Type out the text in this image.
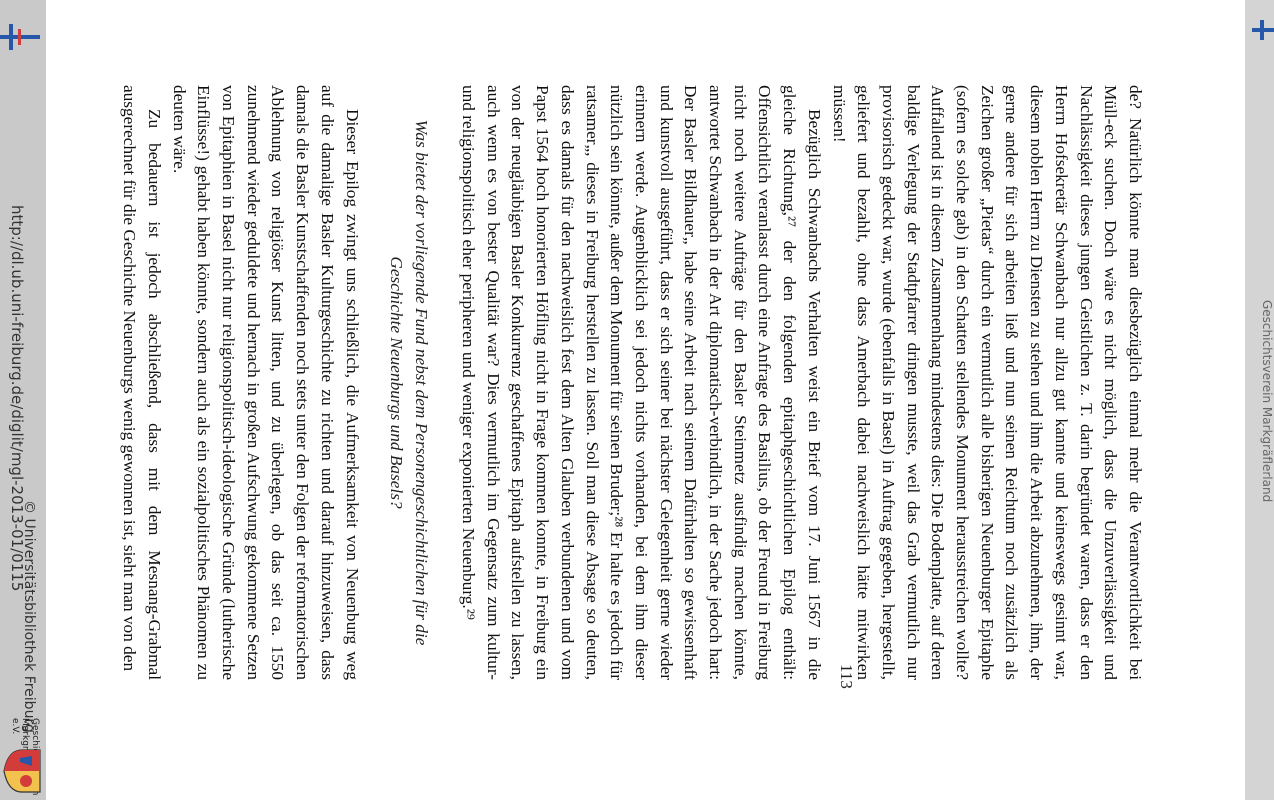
Geschichtsverein Markgräflerland

de? Natürlich könnte man diesbezüglich einmal mehr die Verantwortlichkeit bei Müll-eck suchen. Doch wäre es nicht möglich, dass die Unzuverlässigkeit und Nachlässigkeit dieses jungen Geistlichen z. T. darin begründet waren, dass er den Herrn Hofsekretär Schwanbach nur allzu gut kannte und keineswegs gesinnt war, diesem noblen Herrn zu Diensten zu stehen und ihm die Arbeit abzunehmen, ihm, der gerne andere für sich arbeiten ließ und nun seinen Reichtum noch zusätzlich als Zeichen großer „Pietas“ durch ein vermutlich alle bisherigen Neuenburger Epitaphe (sofern es solche gab) in den Schatten stellendes Monument herausstreichen wollte? Auffallend ist in diesem Zusammenhang mindestens dies: Die Bodenplatte, auf deren baldige Verlegung der Stadtpfarrer dringen musste, weil das Grab vermutlich nur provisorisch gedeckt war, wurde (ebenfalls in Basel) in Auftrag gegeben, hergestellt, geliefert und bezahlt, ohne dass Amerbach dabei nachweislich hätte mitwirken müssen!

Bezüglich Schwanbachs Verhalten weist ein Brief vom 17. Juni 1567 in die gleiche Richtung,²⁷ der den folgenden epitaphgeschichtlichen Epilog enthält: Offensichtlich veranlasst durch eine Anfrage des Basilius, ob der Freund in Freiburg nicht noch weitere Aufträge für den Basler Steinmetz ausfindig machen könnte, antwortet Schwanbach in der Art diplomatisch-verbindlich, in der Sache jedoch hart: Der Basler Bildhauer„ habe seine Arbeit nach seinem Dafürhalten so gewissenhaft und kunstvoll ausgeführt, dass er sich seiner bei nächster Gelegenheit gerne wieder erinnern werde. Augenblicklich sei jedoch nichts vorhanden, bei dem ihm dieser nützlich sein könnte, außer dem Monument für seinen Bruder;²⁸ Er halte es jedoch für ratsamer„, dieses in Freiburg herstellen zu lassen. Soll man diese Absage so deuten, dass es damals für den nachweislich fest dem Alten Glauben verbundenen und vom Papst 1564 hoch honorierten Höfling nicht in Frage kommen konnte, in Freiburg ein von der neugläubigen Basler Konkurrenz geschaffenes Epitaph aufstellen zu lassen, auch wenn es von bester Qualität war? Dies vermutlich im Gegensatz zum kultur- und religionspolitisch eher peripheren und weniger exponierten Neuenburg.²⁹

113
Was bietet der vorliegende Fund nebst dem Personengeschichtlichen für die Geschichte Neuenburgs und Basels?

Dieser Epilog zwingt uns schließlich, die Aufmerksamkeit von Neuenburg weg auf die damalige Basler Kulturgeschichte zu richten und darauf hinzuweisen, dass damals die Basler Kunstschaffenden noch stets unter den Folgen der reformatorischen Ablehnung von religiöser Kunst litten, und zu überlegen, ob das seit ca. 1550 zunehmend wieder geduldete und hernach in großen Aufschwung gekommene Setzen von Epitaphien in Basel nicht nur religionspolitisch-ideologische Gründe (lutherische Einflüsse!) gehabt haben könnte, sondern auch als ein sozialpolitisches Phänomen zu deuten wäre.

Zu bedauern ist jedoch abschließend, dass mit dem Mesnang-Grabmal ausgerechnet für die Geschichte Neuenburgs wenig gewonnen ist, sieht man von den

http://dl.ub.uni-freiburg.de/diglit/mgl-2013-01/0115
© Universitätsbibliothek Freiburg
e.V.
